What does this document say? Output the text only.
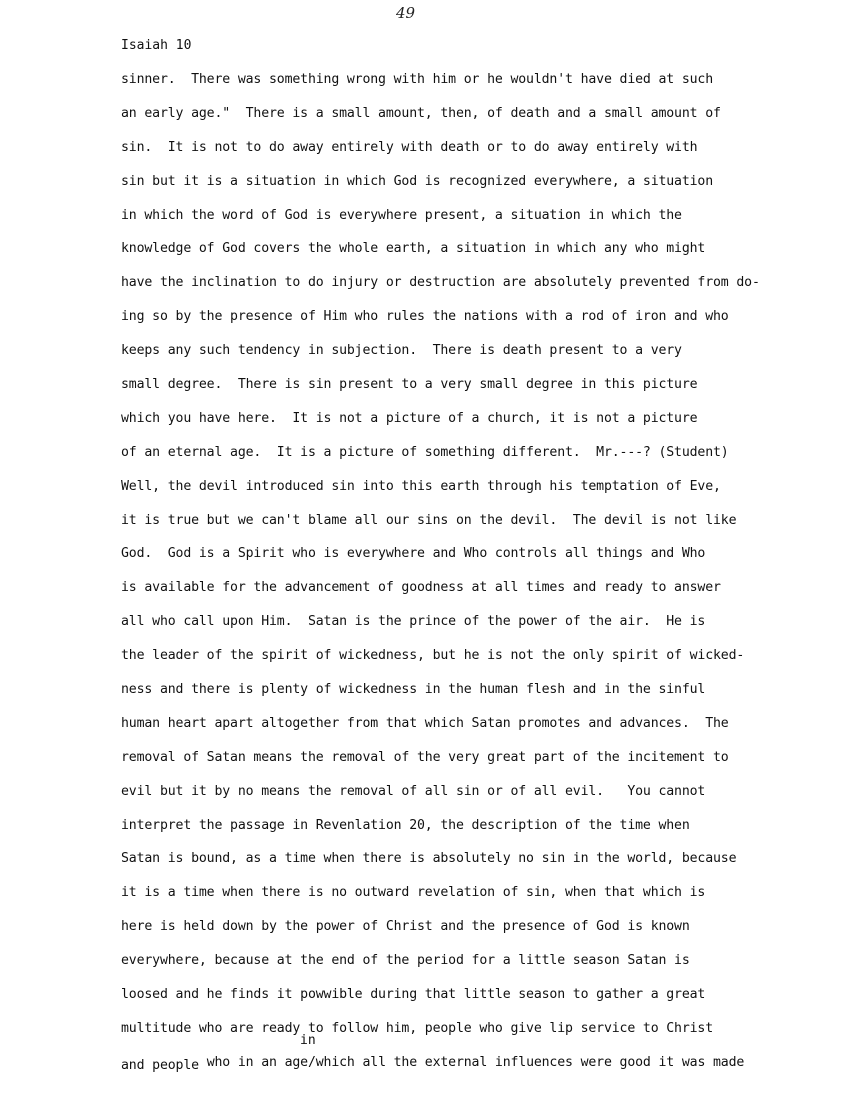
49
Isaiah 10
sinner.  There was something wrong with him or he wouldn't have died at such
an early age."  There is a small amount, then, of death and a small amount of
sin.  It is not to do away entirely with death or to do away entirely with
sin but it is a situation in which God is recognized everywhere, a situation
in which the word of God is everywhere present, a situation in which the
knowledge of God covers the whole earth, a situation in which any who might
have the inclination to do injury or destruction are absolutely prevented from do-
ing so by the presence of Him who rules the nations with a rod of iron and who
keeps any such tendency in subjection.  There is death present to a very
small degree.  There is sin present to a very small degree in this picture
which you have here.  It is not a picture of a church, it is not a picture
of an eternal age.  It is a picture of something different.  Mr.---? (Student)
Well, the devil introduced sin into this earth through his temptation of Eve,
it is true but we can't blame all our sins on the devil.  The devil is not like
God.  God is a Spirit who is everywhere and Who controls all things and Who
is available for the advancement of goodness at all times and ready to answer
all who call upon Him.  Satan is the prince of the power of the air.  He is
the leader of the spirit of wickedness, but he is not the only spirit of wicked-
ness and there is plenty of wickedness in the human flesh and in the sinful
human heart apart altogether from that which Satan promotes and advances.  The
removal of Satan means the removal of the very great part of the incitement to
evil but it by no means the removal of all sin or of all evil.   You cannot
interpret the passage in Revenlation 20, the description of the time when
Satan is bound, as a time when there is absolutely no sin in the world, because
it is a time when there is no outward revelation of sin, when that which is
here is held down by the power of Christ and the presence of God is known
everywhere, because at the end of the period for a little season Satan is
loosed and he finds it powwible during that little season to gather a great
multitude who are ready to follow him, people who give lip service to Christ
and people who in an age/which all the external influences were good it was made
in
